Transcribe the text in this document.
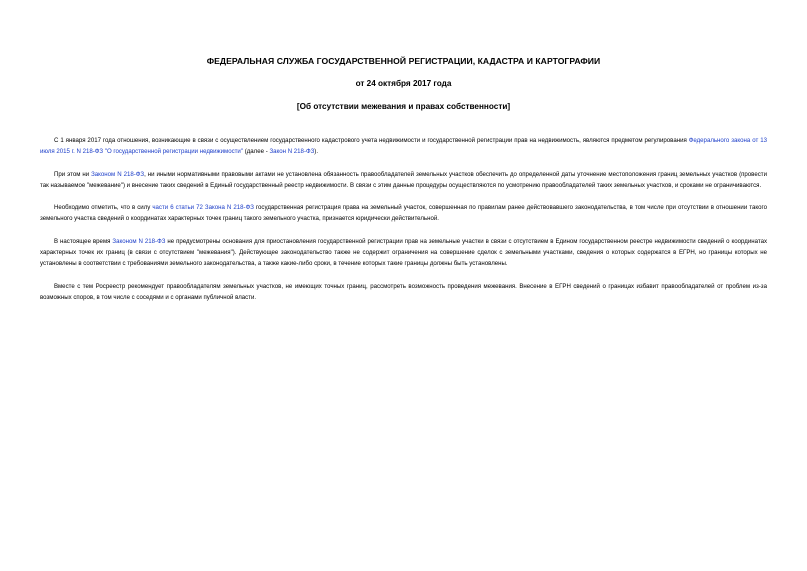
ФЕДЕРАЛЬНАЯ СЛУЖБА ГОСУДАРСТВЕННОЙ РЕГИСТРАЦИИ, КАДАСТРА И КАРТОГРАФИИ

от 24 октября 2017 года

[Об отсутствии межевания и правах собственности]

С 1 января 2017 года отношения, возникающие в связи с осуществлением государственного кадастрового учета недвижимости и государственной регистрации прав на недвижимость, являются предметом регулирования Федерального закона от 13 июля 2015 г. N 218-ФЗ "О государственной регистрации недвижимости" (далее - Закон N 218-ФЗ).

При этом ни Законом N 218-ФЗ, ни иными нормативными правовыми актами не установлена обязанность правообладателей земельных участков обеспечить до определенной даты уточнение местоположения границ земельных участков (провести так называемое "межевание") и внесение таких сведений в Единый государственный реестр недвижимости. В связи с этим данные процедуры осуществляются по усмотрению правообладателей таких земельных участков, и сроками не ограничиваются.

Необходимо отметить, что в силу части 6 статьи 72 Закона N 218-ФЗ государственная регистрация права на земельный участок, совершенная по правилам ранее действовавшего законодательства, в том числе при отсутствии в отношении такого земельного участка сведений о координатах характерных точек границ такого земельного участка, признается юридически действительной.

В настоящее время Законом N 218-ФЗ не предусмотрены основания для приостановления государственной регистрации прав на земельные участки в связи с отсутствием в Едином государственном реестре недвижимости сведений о координатах характерных точек их границ (в связи с отсутствием "межевания"). Действующее законодательство также не содержит ограничения на совершение сделок с земельными участками, сведения о которых содержатся в ЕГРН, но границы которых не установлены в соответствии с требованиями земельного законодательства, а также какие-либо сроки, в течение которых такие границы должны быть установлены.

Вместе с тем Росреестр рекомендует правообладателям земельных участков, не имеющих точных границ, рассмотреть возможность проведения межевания. Внесение в ЕГРН сведений о границах избавит правообладателей от проблем из-за возможных споров, в том числе с соседями и с органами публичной власти.
